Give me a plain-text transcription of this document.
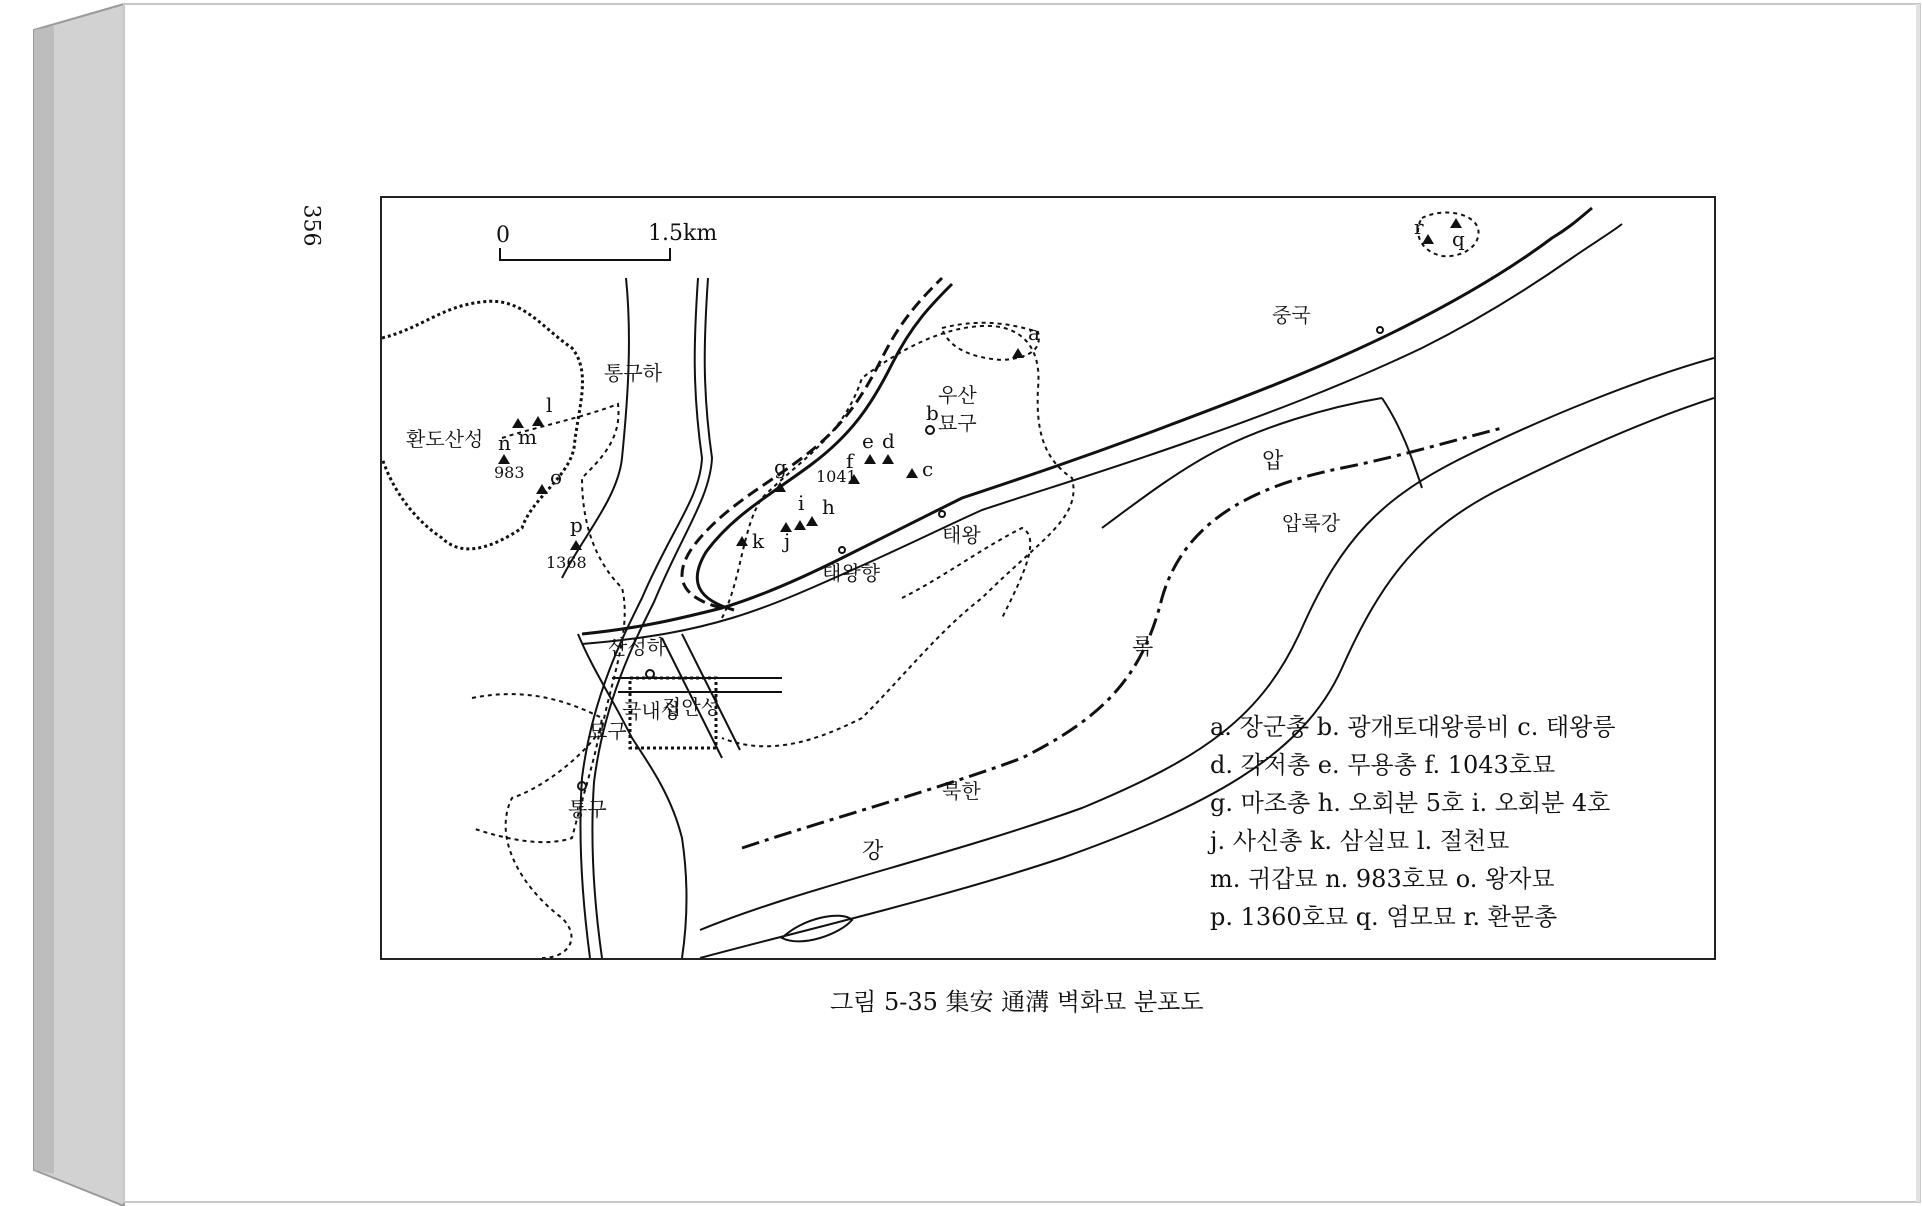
356	0	1.5km
중국
통구하
환도산성
우산
묘구
산성하
묘구
태왕
태왕향
국내성
집안성
통구
북한
압록강
압
록
강
a
b
c
d
e
f
g
h
i
j
k
l
m
n
o
p
q
r
1041
983
1368
a. 장군총 b. 광개토대왕릉비 c. 태왕릉
d. 각저총 e. 무용총 f. 1043호묘
g. 마조총 h. 오회분 5호 i. 오회분 4호
j. 사신총 k. 삼실묘 l. 절천묘
m. 귀갑묘 n. 983호묘 o. 왕자묘
p. 1360호묘 q. 염모묘 r. 환문총
그림 5-35 集安 通溝 벽화묘 분포도
